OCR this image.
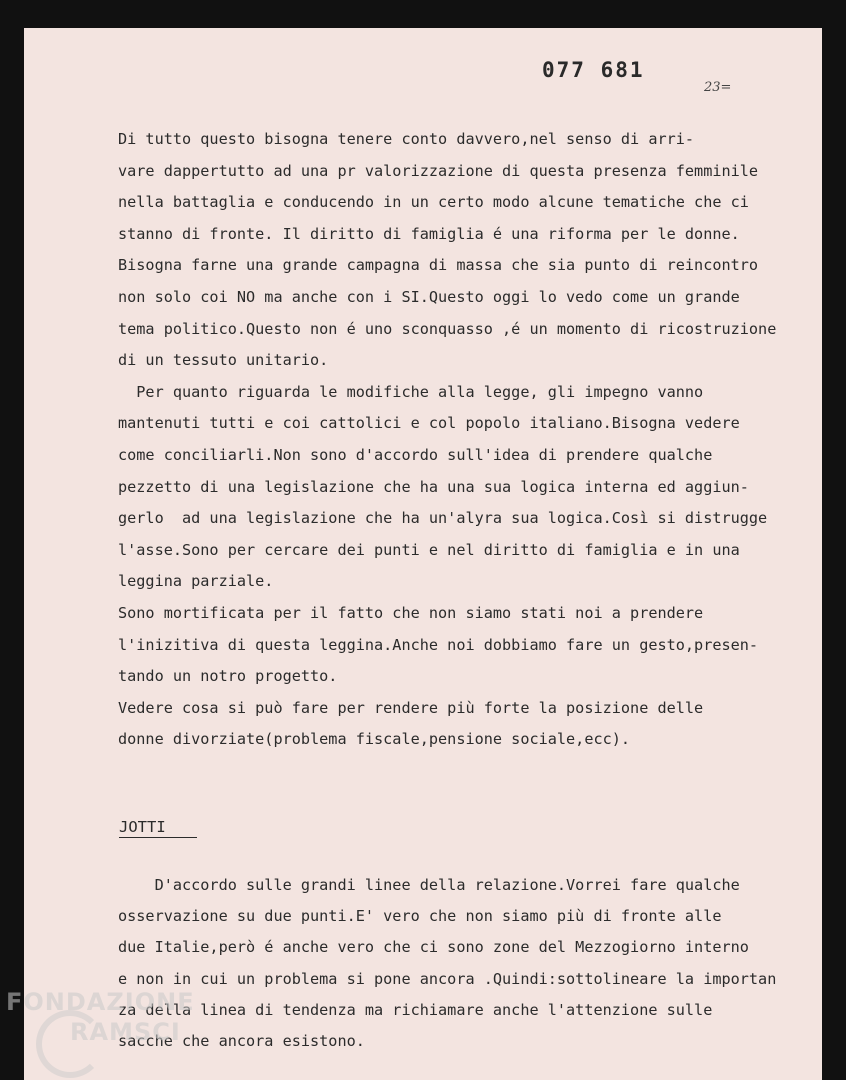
077 681
23=
Di tutto questo bisogna tenere conto davvero,nel senso di arri-
vare dappertutto ad una pr valorizzazione di questa presenza femminile
nella battaglia e conducendo in un certo modo alcune tematiche che ci
stanno di fronte. Il diritto di famiglia é una riforma per le donne.
Bisogna farne una grande campagna di massa che sia punto di reincontro
non solo coi NO ma anche con i SI.Questo oggi lo vedo come un grande
tema politico.Questo non é uno sconquasso ,é un momento di ricostruzione
di un tessuto unitario.
Per quanto riguarda le modifiche alla legge, gli impegno vanno
mantenuti tutti e coi cattolici e col popolo italiano.Bisogna vedere
come conciliarli.Non sono d'accordo sull'idea di prendere qualche
pezzetto di una legislazione che ha una sua logica interna ed aggiun-
gerlo  ad una legislazione che ha un'alyra sua logica.Così si distrugge
l'asse.Sono per cercare dei punti e nel diritto di famiglia e in una
leggina parziale.
Sono mortificata per il fatto che non siamo stati noi a prendere
l'inizitiva di questa leggina.Anche noi dobbiamo fare un gesto,presen-
tando un notro progetto.
Vedere cosa si può fare per rendere più forte la posizione delle
donne divorziate(problema fiscale,pensione sociale,ecc).
JOTTI
D'accordo sulle grandi linee della relazione.Vorrei fare qualche
osservazione su due punti.E' vero che non siamo più di fronte alle
due Italie,però é anche vero che ci sono zone del Mezzogiorno interno
e non in cui un problema si pone ancora .Quindi:sottolineare la importan
za della linea di tendenza ma richiamare anche l'attenzione sulle
sacche che ancora esistono.
FONDAZIONE
RAMSCI
